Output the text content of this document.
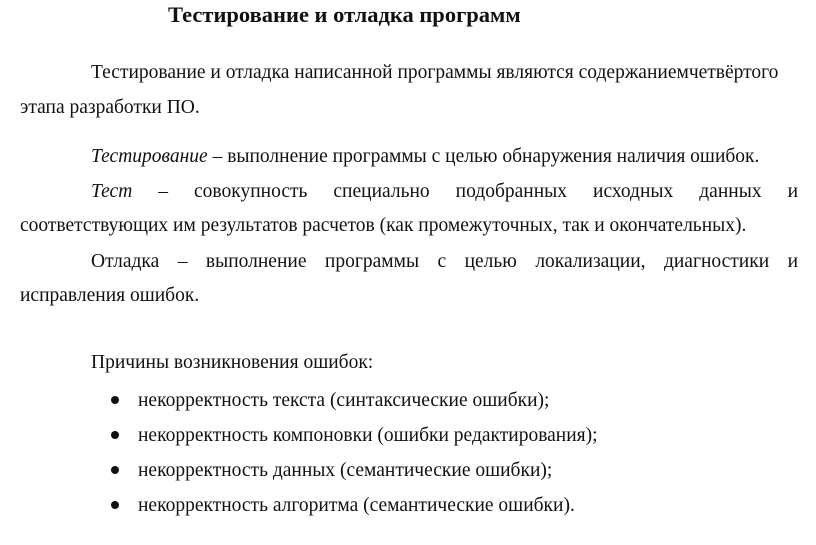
Тестирование и отладка программ
Тестирование и отладка написанной программы являются содержаниемчетвёртого
этапа разработки ПО.
Тестирование – выполнение программы с целью обнаружения наличия ошибок.
Тест – совокупность специально подобранных исходных данных и
соответствующих им результатов расчетов (как промежуточных, так и окончательных).
Отладка – выполнение программы с целью локализации, диагностики и
исправления ошибок.
Причины возникновения ошибок:
некорректность текста (синтаксические ошибки);
некорректность компоновки (ошибки редактирования);
некорректность данных (семантические ошибки);
некорректность алгоритма (семантические ошибки).
